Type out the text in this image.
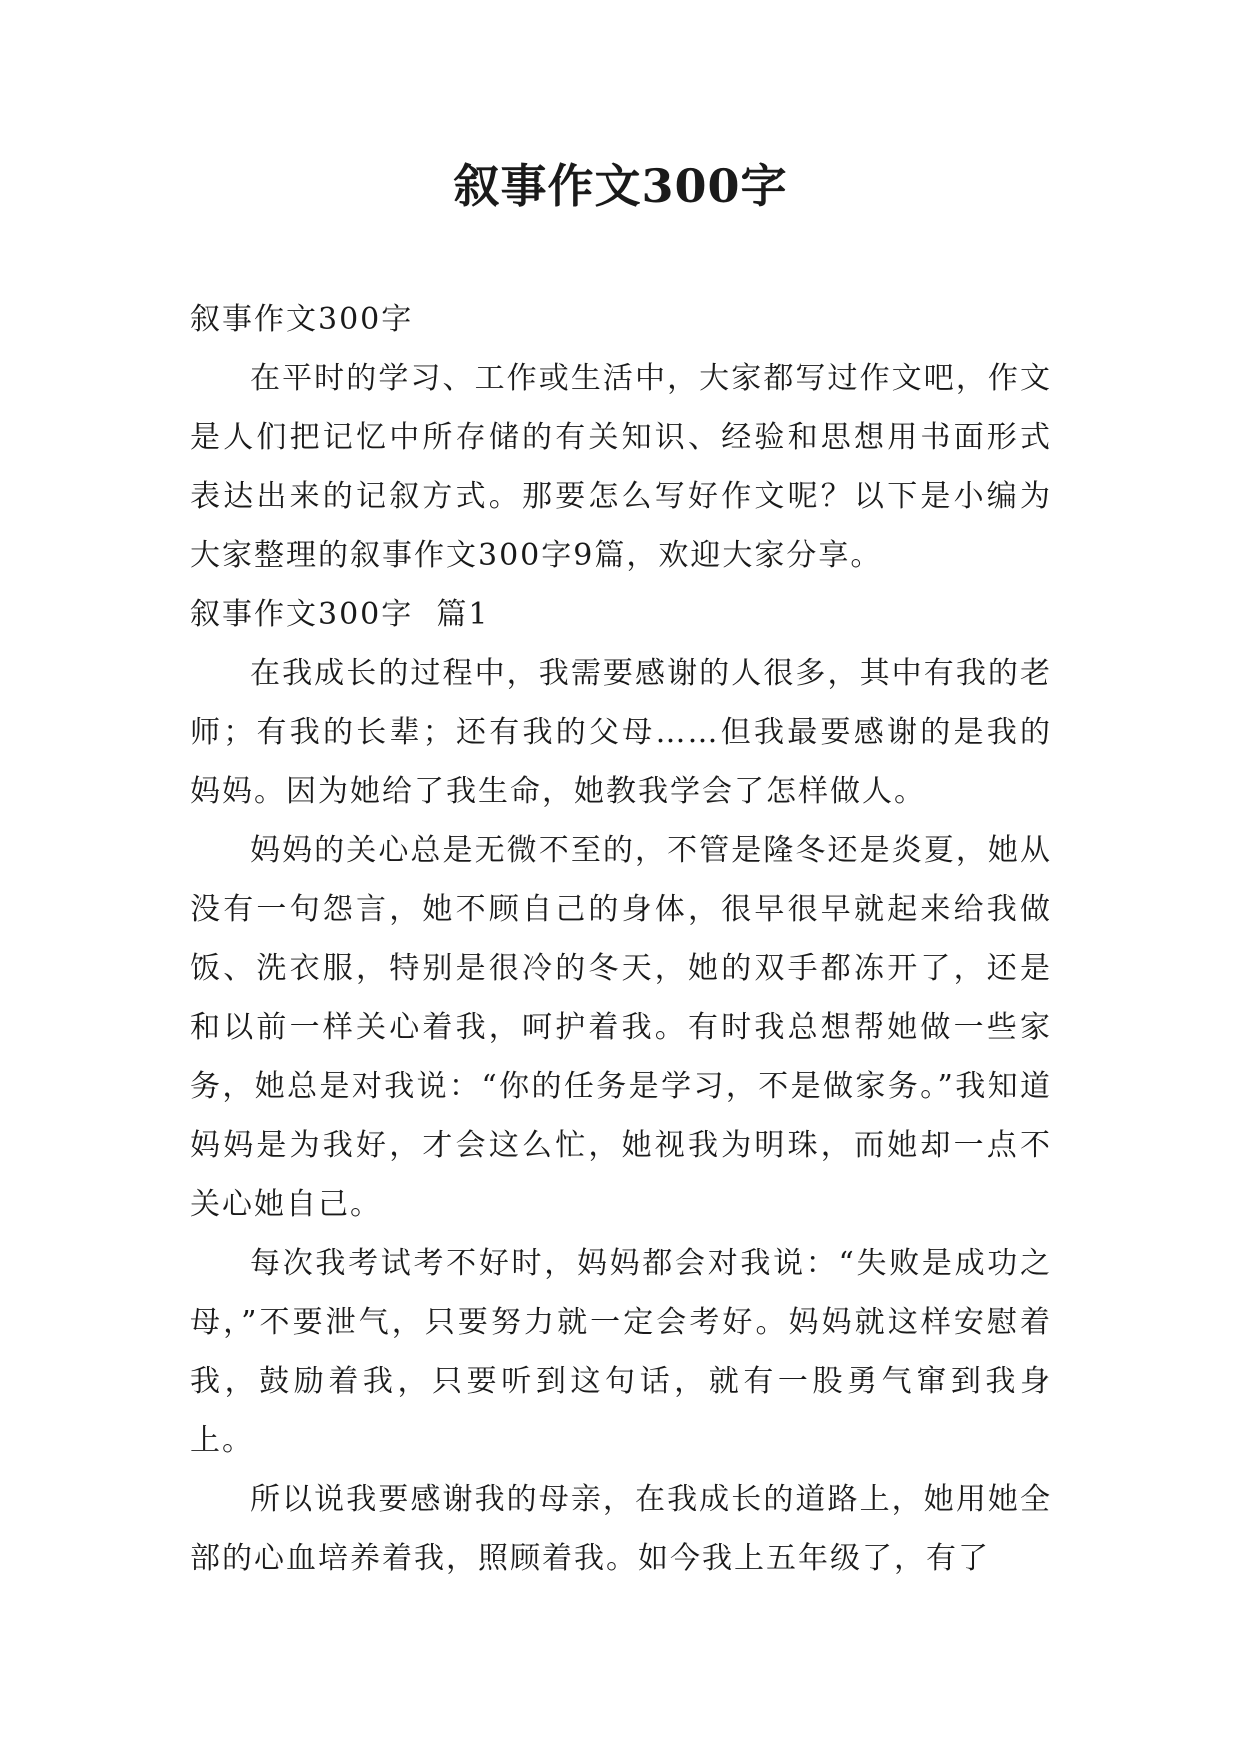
叙事作文300字

叙事作文300字

在平时的学习、工作或生活中，大家都写过作文吧，作文是人们把记忆中所存储的有关知识、经验和思想用书面形式表达出来的记叙方式。那要怎么写好作文呢？以下是小编为大家整理的叙事作文300字9篇，欢迎大家分享。

叙事作文300字  篇1

在我成长的过程中，我需要感谢的人很多，其中有我的老师；有我的长辈；还有我的父母……但我最要感谢的是我的妈妈。因为她给了我生命，她教我学会了怎样做人。

妈妈的关心总是无微不至的，不管是隆冬还是炎夏，她从没有一句怨言，她不顾自己的身体，很早很早就起来给我做饭、洗衣服，特别是很冷的冬天，她的双手都冻开了，还是和以前一样关心着我，呵护着我。有时我总想帮她做一些家务，她总是对我说：“你的任务是学习，不是做家务。”我知道妈妈是为我好，才会这么忙，她视我为明珠，而她却一点不关心她自己。

每次我考试考不好时，妈妈都会对我说：“失败是成功之母，”不要泄气，只要努力就一定会考好。妈妈就这样安慰着我，鼓励着我，只要听到这句话，就有一股勇气窜到我身上。

所以说我要感谢我的母亲，在我成长的道路上，她用她全部的心血培养着我，照顾着我。如今我上五年级了，有了
